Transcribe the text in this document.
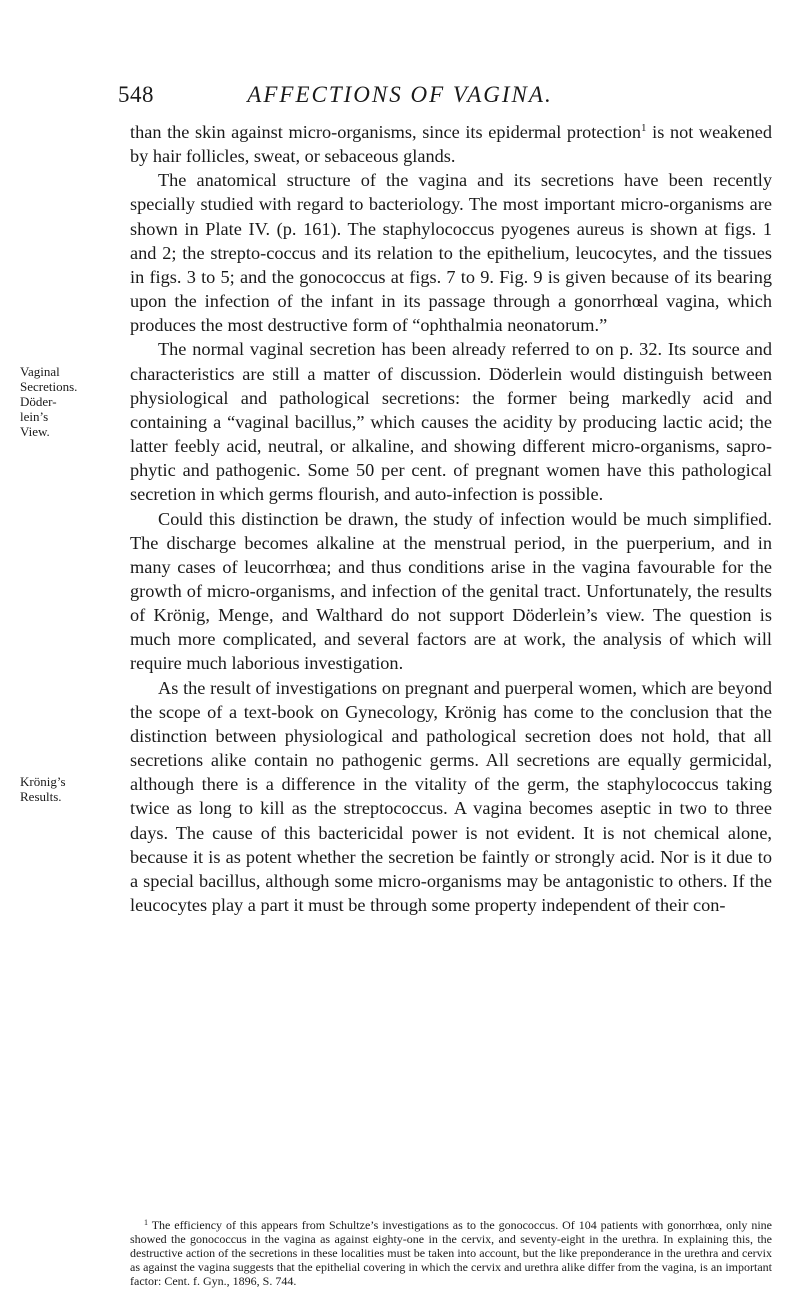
548	AFFECTIONS OF VAGINA.
Vaginal
Secretions.
Döder-
lein’s
View.
Krönig’s
Results.

than the skin against micro-organisms, since its epidermal protection$^1$ is not weakened by hair follicles, sweat, or sebaceous glands.

The anatomical structure of the vagina and its secretions have been recently specially studied with regard to bacteriology. The most important micro-organisms are shown in Plate IV. (p. 161). The staphylococcus pyogenes aureus is shown at figs. 1 and 2; the strepto-coccus and its relation to the epithelium, leucocytes, and the tissues in figs. 3 to 5; and the gonococcus at figs. 7 to 9. Fig. 9 is given because of its bearing upon the infection of the infant in its passage through a gonorrhœal vagina, which produces the most destructive form of “ophthalmia neonatorum.”

The normal vaginal secretion has been already referred to on p. 32. Its source and characteristics are still a matter of discussion. Döderlein would distinguish between physiological and pathological secretions: the former being markedly acid and containing a “vaginal bacillus,” which causes the acidity by producing lactic acid; the latter feebly acid, neutral, or alkaline, and showing different micro-organisms, sapro-phytic and pathogenic. Some 50 per cent. of pregnant women have this pathological secretion in which germs flourish, and auto-infection is possible.

Could this distinction be drawn, the study of infection would be much simplified. The discharge becomes alkaline at the menstrual period, in the puerperium, and in many cases of leucorrhœa; and thus conditions arise in the vagina favourable for the growth of micro-organisms, and infection of the genital tract. Unfortunately, the results of Krönig, Menge, and Walthard do not support Döderlein’s view. The question is much more complicated, and several factors are at work, the analysis of which will require much laborious investigation.

As the result of investigations on pregnant and puerperal women, which are beyond the scope of a text-book on Gynecology, Krönig has come to the conclusion that the distinction between physiological and pathological secretion does not hold, that all secretions alike contain no pathogenic germs. All secretions are equally germicidal, although there is a difference in the vitality of the germ, the staphylococcus taking twice as long to kill as the streptococcus. A vagina becomes aseptic in two to three days. The cause of this bactericidal power is not evident. It is not chemical alone, because it is as potent whether the secretion be faintly or strongly acid. Nor is it due to a special bacillus, although some micro-organisms may be antagonistic to others. If the leucocytes play a part it must be through some property independent of their con-

$^1$ The efficiency of this appears from Schultze’s investigations as to the gonococcus. Of 104 patients with gonorrhœa, only nine showed the gonococcus in the vagina as against eighty-one in the cervix, and seventy-eight in the urethra. In explaining this, the destructive action of the secretions in these localities must be taken into account, but the like preponderance in the urethra and cervix as against the vagina suggests that the epithelial covering in which the cervix and urethra alike differ from the vagina, is an important factor: Cent. f. Gyn., 1896, S. 744.
